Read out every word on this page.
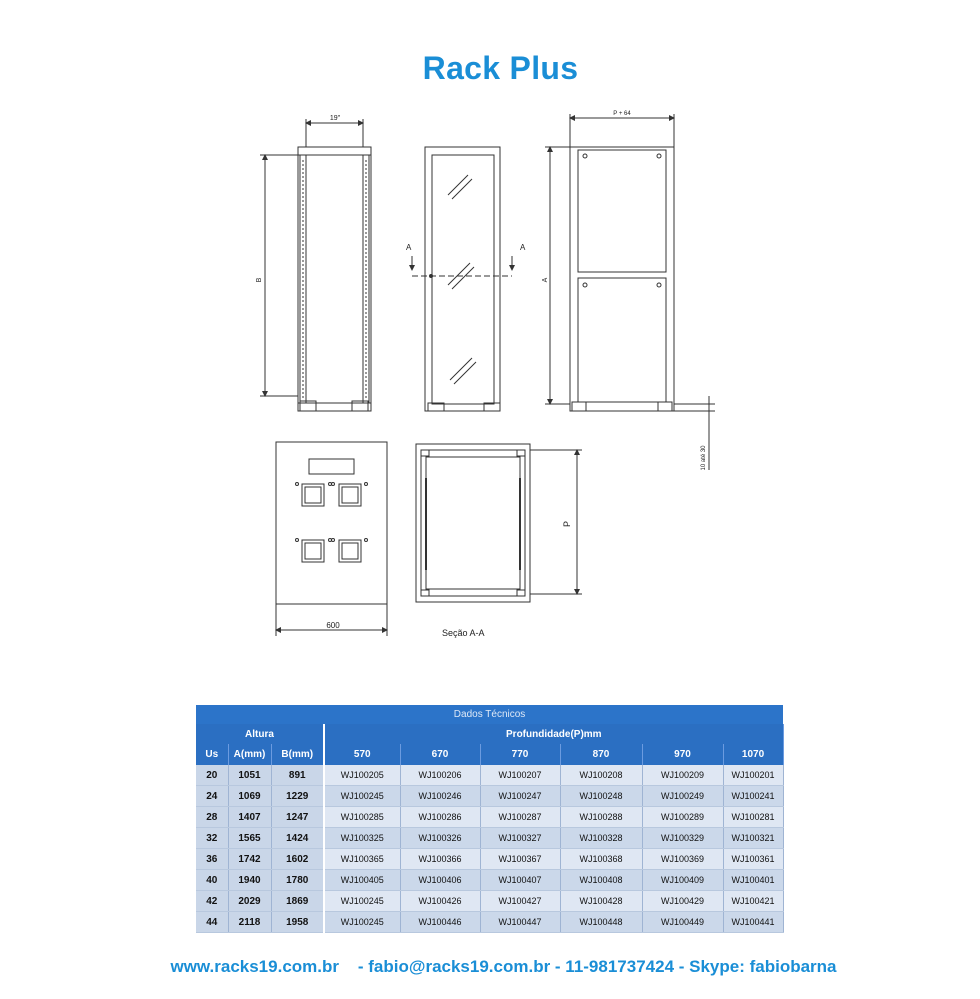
Rack Plus
19"
B
A	A
P + 64
A
10 até 30
600
P
Seção A-A
Dados Técnicos								
Altura			Profundidade(P)mm					
Us	A(mm)	B(mm)	570	670	770	870	970	1070
20	1051	891	WJ100205	WJ100206	WJ100207	WJ100208	WJ100209	WJ100201
24	1069	1229	WJ100245	WJ100246	WJ100247	WJ100248	WJ100249	WJ100241
28	1407	1247	WJ100285	WJ100286	WJ100287	WJ100288	WJ100289	WJ100281
32	1565	1424	WJ100325	WJ100326	WJ100327	WJ100328	WJ100329	WJ100321
36	1742	1602	WJ100365	WJ100366	WJ100367	WJ100368	WJ100369	WJ100361
40	1940	1780	WJ100405	WJ100406	WJ100407	WJ100408	WJ100409	WJ100401
42	2029	1869	WJ100245	WJ100426	WJ100427	WJ100428	WJ100429	WJ100421
44	2118	1958	WJ100245	WJ100446	WJ100447	WJ100448	WJ100449	WJ100441
www.racks19.com.br    - fabio@racks19.com.br - 11-981737424 - Skype: fabiobarna
